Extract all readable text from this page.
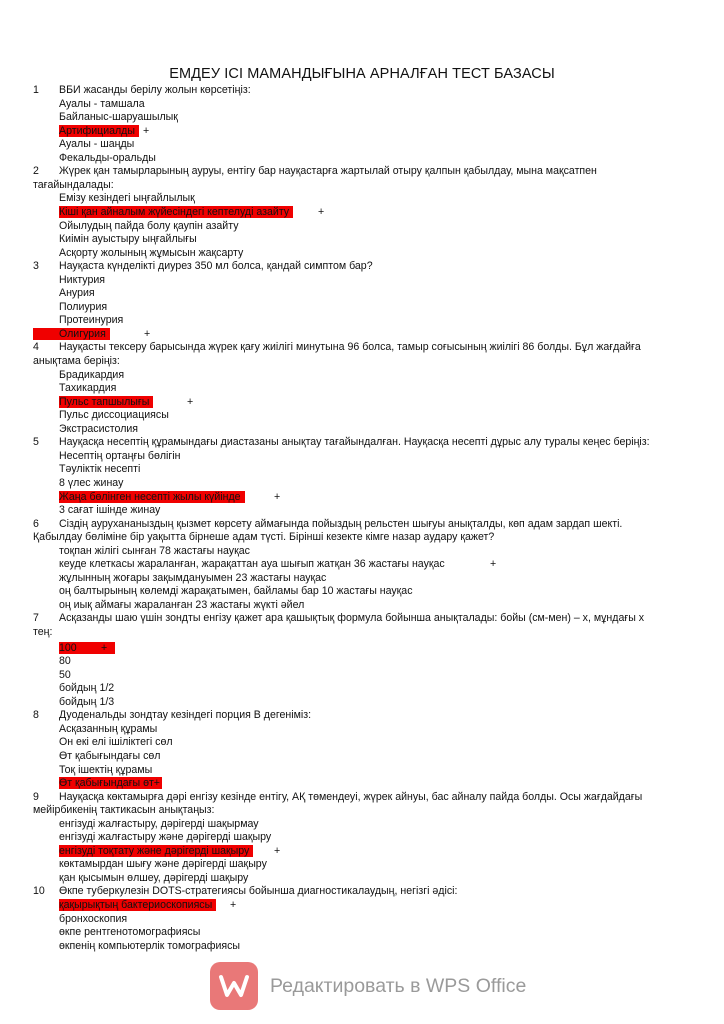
ЕМДЕУ ІСІ МАМАНДЫҒЫНА АРНАЛҒАН ТЕСТ БАЗАСЫ
1 ВБИ жасанды берілу жолын көрсетіңіз:
Ауалы - тамшала
Байланыс-шаруашылық
Артифициалды +
Ауалы - шаңды
Фекальды-оральды
2 Жүрек қан тамырларының ауруы, ентігу бар науқастарға жартылай отыру қалпын қабылдау, мына мақсатпен
тағайындалады:
Емізу кезіндегі ыңғайлылық
Кіші қан айналым жүйесіндегі кептелуді азайту	+
Ойылудың пайда болу қаупін азайту
Киімін ауыстыру ыңғайлығы
Асқорту жолының жұмысын жақсарту
3 Науқаста күнделікті диурез 350 мл болса, қандай симптом бар?
Никтурия
Анурия
Полиурия
Протеинурия
Олигурия	+
4 Науқасты тексеру барысында жүрек қағу жиілігі минутына 96 болса, тамыр соғысының жиілігі 86 болды. Бұл жағдайға
анықтама беріңіз:
Брадикардия
Тахикардия
Пульс тапшылығы	+
Пульс диссоциациясы
Экстрасистолия
5 Науқасқа несептің құрамындағы диастазаны анықтау тағайындалған. Науқасқа несепті дұрыс алу туралы кеңес беріңіз:
Несептің ортаңғы бөлігін
Тәуліктік несепті
8 үлес жинау
Жаңа бөлінген несепті жылы күйінде	+
3 сағат ішінде жинау
6 Сіздің аурухананыздың қызмет көрсету аймағында пойыздың рельстен шығуы анықталды, көп адам зардап шекті.
Қабылдау бөліміне бір уақытта бірнеше адам түсті. Бірінші кезекте кімге назар аудару қажет?
тоқпан жілігі сынған 78 жастағы науқас
кеуде клеткасы жараланған, жарақаттан ауа шығып жатқан 36 жастағы науқас	+
жұлынның жоғары зақымдануымен 23 жастағы науқас
оң балтырының көлемді жарақатымен, байламы бар 10 жастағы науқас
оң иық аймағы жараланған 23 жастағы жүкті әйел
7 Асқазанды шаю үшін зондты енгізу қажет ара қашықтық формула бойынша анықталады: бойы (см-мен) – х, мұндағы х
тең:
100	+
80
50
бойдың 1/2
бойдың 1/3
8 Дуоденальды зондтау кезіндегі порция В дегеніміз:
Асқазанның құрамы
Он екі елі ішіліктегі сөл
Өт қабығындағы сөл
Тоқ ішектің құрамы
Өт қабығындағы өт+
9 Науқасқа көктамырға дәрі енгізу кезінде ентігу, АҚ төмендеуі, жүрек айнуы, бас айналу пайда болды. Осы жағдайдағы
мейірбикенің тактикасын анықтаңыз:
енгізуді жалғастыру, дәрігерді шақырмау
енгізуді жалғастыру және дәрігерді шақыру
енгізуді тоқтату және дәрігерді шақыру	+
көктамырдан шығу және дәрігерді шақыру
қан қысымын өлшеу, дәрігерді шақыру
10 Өкпе туберкулезін DOTS-стратегиясы бойынша диагностикалаудың, негізгі әдісі:
қақырықтың бактериоскопиясы	+
бронхоскопия
өкпе рентгенотомографиясы
өкпенің компьютерлік томографиясы
Редактировать в WPS Office
